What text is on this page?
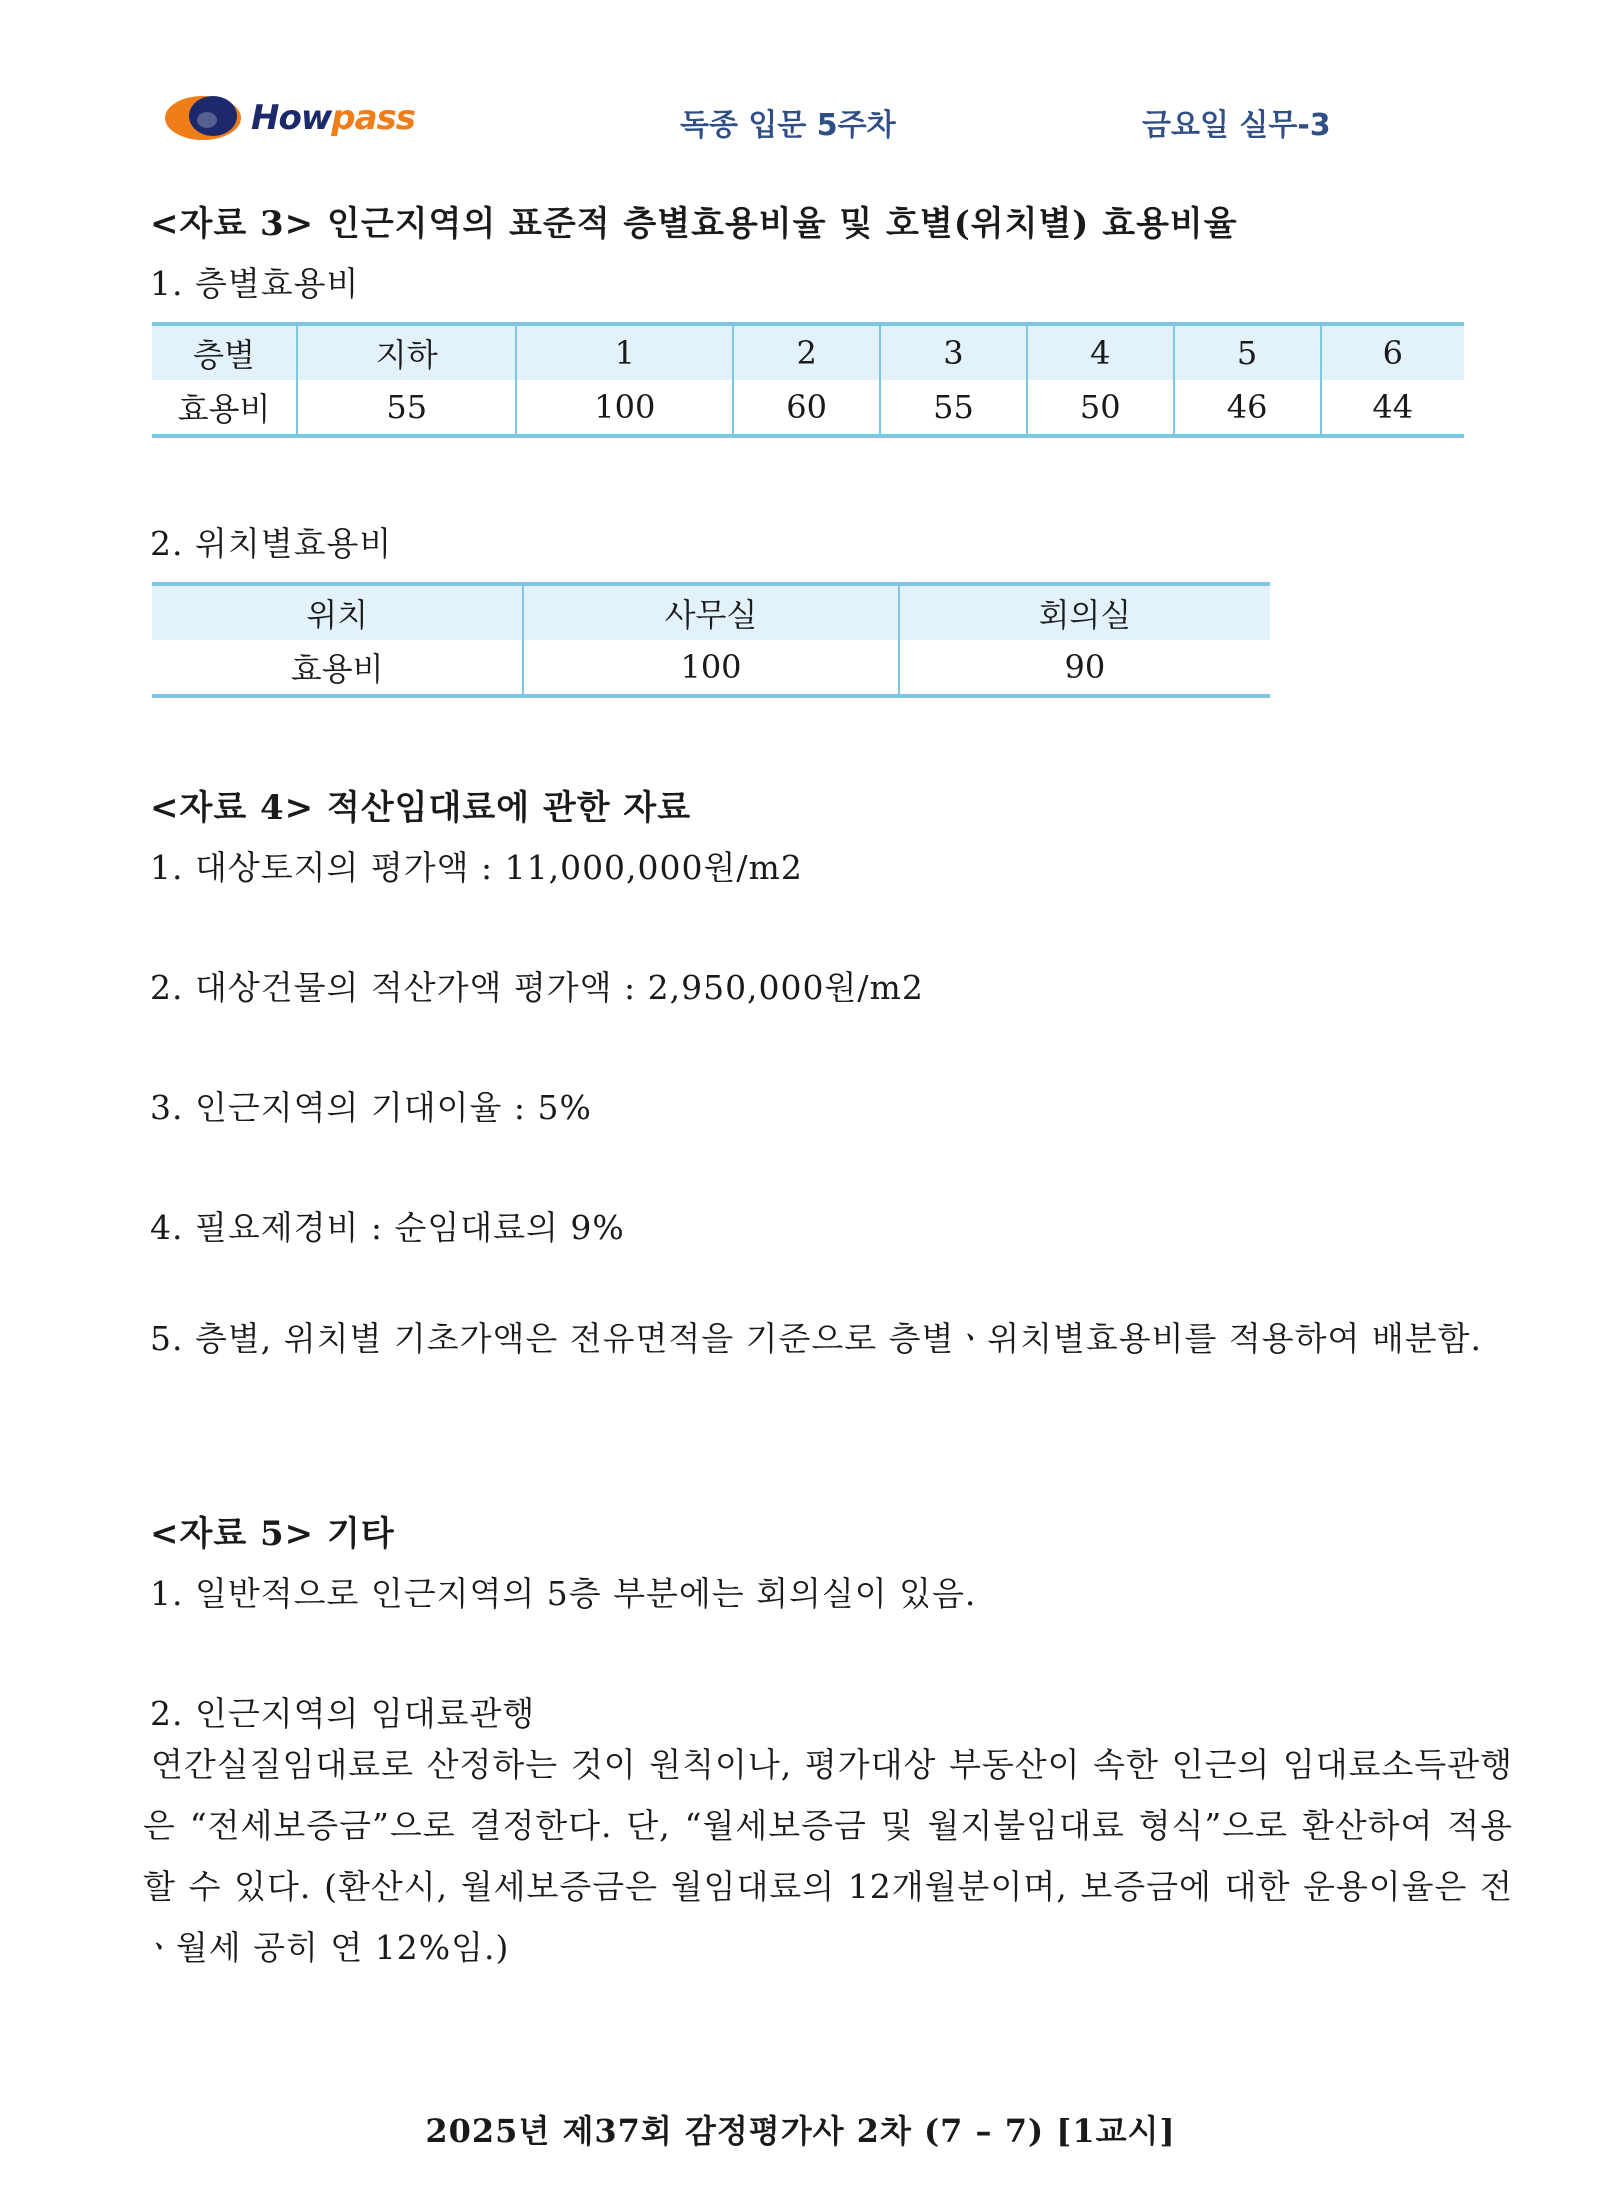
Howpass	독종 입문 5주차	금요일 실무-3
<자료 3> 인근지역의 표준적 층별효용비율 및 호별(위치별) 효용비율
1. 층별효용비
층별	지하	1	2	3	4	5	6
효용비	55	100	60	55	50	46	44
2. 위치별효용비
위치	사무실	회의실
효용비	100	90
<자료 4> 적산임대료에 관한 자료
1. 대상토지의 평가액 : 11,000,000원/m2
2. 대상건물의 적산가액 평가액 : 2,950,000원/m2
3. 인근지역의 기대이율 : 5%
4. 필요제경비 : 순임대료의 9%
5. 층별, 위치별 기초가액은 전유면적을 기준으로 층별ㆍ위치별효용비를 적용하여 배분함.
<자료 5> 기타
1. 일반적으로 인근지역의 5층 부분에는 회의실이 있음.
2. 인근지역의 임대료관행
연간실질임대료로 산정하는 것이 원칙이나, 평가대상 부동산이 속한 인근의 임대료소득관행은 “전세보증금”으로 결정한다. 단, “월세보증금 및 월지불임대료 형식”으로 환산하여 적용할 수 있다. (환산시, 월세보증금은 월임대료의 12개월분이며, 보증금에 대한 운용이율은 전ㆍ월세 공히 연 12%임.)
2025년 제37회 감정평가사 2차 (7 – 7) [1교시]
